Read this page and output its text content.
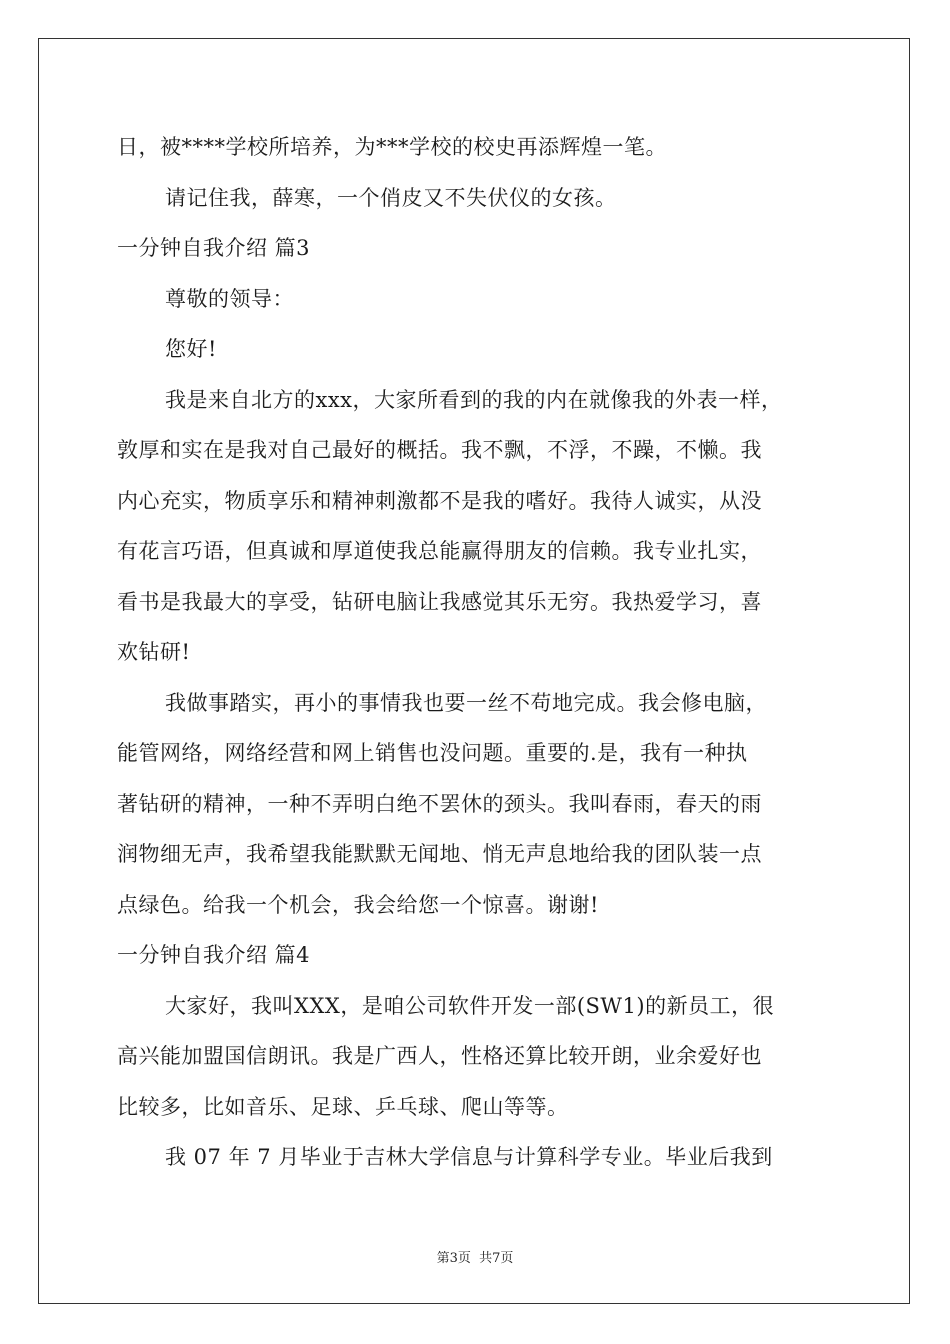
日，被****学校所培养，为***学校的校史再添辉煌一笔。
请记住我，薛寒，一个俏皮又不失伏仪的女孩。
一分钟自我介绍 篇3
尊敬的领导：
您好!
我是来自北方的xxx，大家所看到的我的内在就像我的外表一样，
敦厚和实在是我对自己最好的概括。我不飘，不浮，不躁，不懒。我
内心充实，物质享乐和精神刺激都不是我的嗜好。我待人诚实，从没
有花言巧语，但真诚和厚道使我总能赢得朋友的信赖。我专业扎实，
看书是我最大的享受，钻研电脑让我感觉其乐无穷。我热爱学习，喜
欢钻研!
我做事踏实，再小的事情我也要一丝不苟地完成。我会修电脑，
能管网络，网络经营和网上销售也没问题。重要的.是，我有一种执
著钻研的精神，一种不弄明白绝不罢休的颈头。我叫春雨，春天的雨
润物细无声，我希望我能默默无闻地、悄无声息地给我的团队装一点
点绿色。给我一个机会，我会给您一个惊喜。谢谢!
一分钟自我介绍 篇4
大家好，我叫XXX，是咱公司软件开发一部(SW1)的新员工，很
高兴能加盟国信朗讯。我是广西人，性格还算比较开朗，业余爱好也
比较多，比如音乐、足球、乒乓球、爬山等等。
我 07 年 7 月毕业于吉林大学信息与计算科学专业。毕业后我到
第3页 共7页
